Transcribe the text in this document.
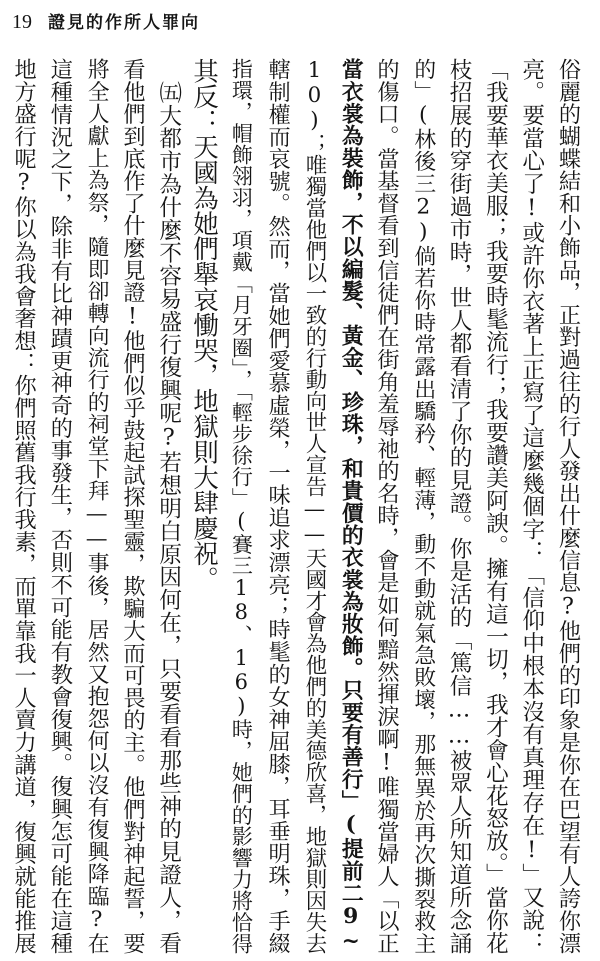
19 證見的作所人罪向

俗麗的蝴蝶結和小飾品，正對過往的行人發出什麼信息?他們的印象是你在巴望有人誇你漂

亮。要當心了!或許你衣著上正寫了這麼幾個字：「信仰中根本沒有真理存在!」又說：

「我要華衣美服；我要時髦流行；我要讚美阿諛。擁有這一切，我才會心花怒放。」當你花

枝招展的穿街過市時，世人都看清了你的見證。你是活的「篤信……被眾人所知道所念誦

的」(林後三2)倘若你時常露出驕矜、輕薄，動不動就氣急敗壞，那無異於再次撕裂救主

的傷口。當基督看到信徒們在街角羞辱祂的名時，會是如何黯然揮淚啊!唯獨當婦人「以正

當衣裳為裝飾，不以編髮、黃金、珍珠，和貴價的衣裳為妝飾。只要有善行」(提前二9~

10)；唯獨當他們以一致的行動向世人宣告——天國才會為他們的美德欣喜，地獄則因失去

轄制權而哀號。然而，當她們愛慕虛榮，一味追求漂亮；時髦的女神屈膝，耳垂明珠，手綴

指環，帽飾翎羽，項戴「月牙圈」，「輕步徐行」(賽三18、16)時，她們的影響力將恰得

其反：天國為她們舉哀慟哭，地獄則大肆慶祝。

㈤大都市為什麼不容易盛行復興呢?若想明白原因何在，只要看看那些神的見證人，看

看他們到底作了什麼見證!他們似乎鼓起試探聖靈，欺騙大而可畏的主。他們對神起誓，要

將全人獻上為祭，隨即卻轉向流行的祠堂下拜——事後，居然又抱怨何以沒有復興降臨?在

這種情況之下，除非有比神蹟更神奇的事發生，否則不可能有教會復興。復興怎可能在這種

地方盛行呢?你以為我會奢想：你們照舊我行我素，而單靠我一人賣力講道，復興就能推展
